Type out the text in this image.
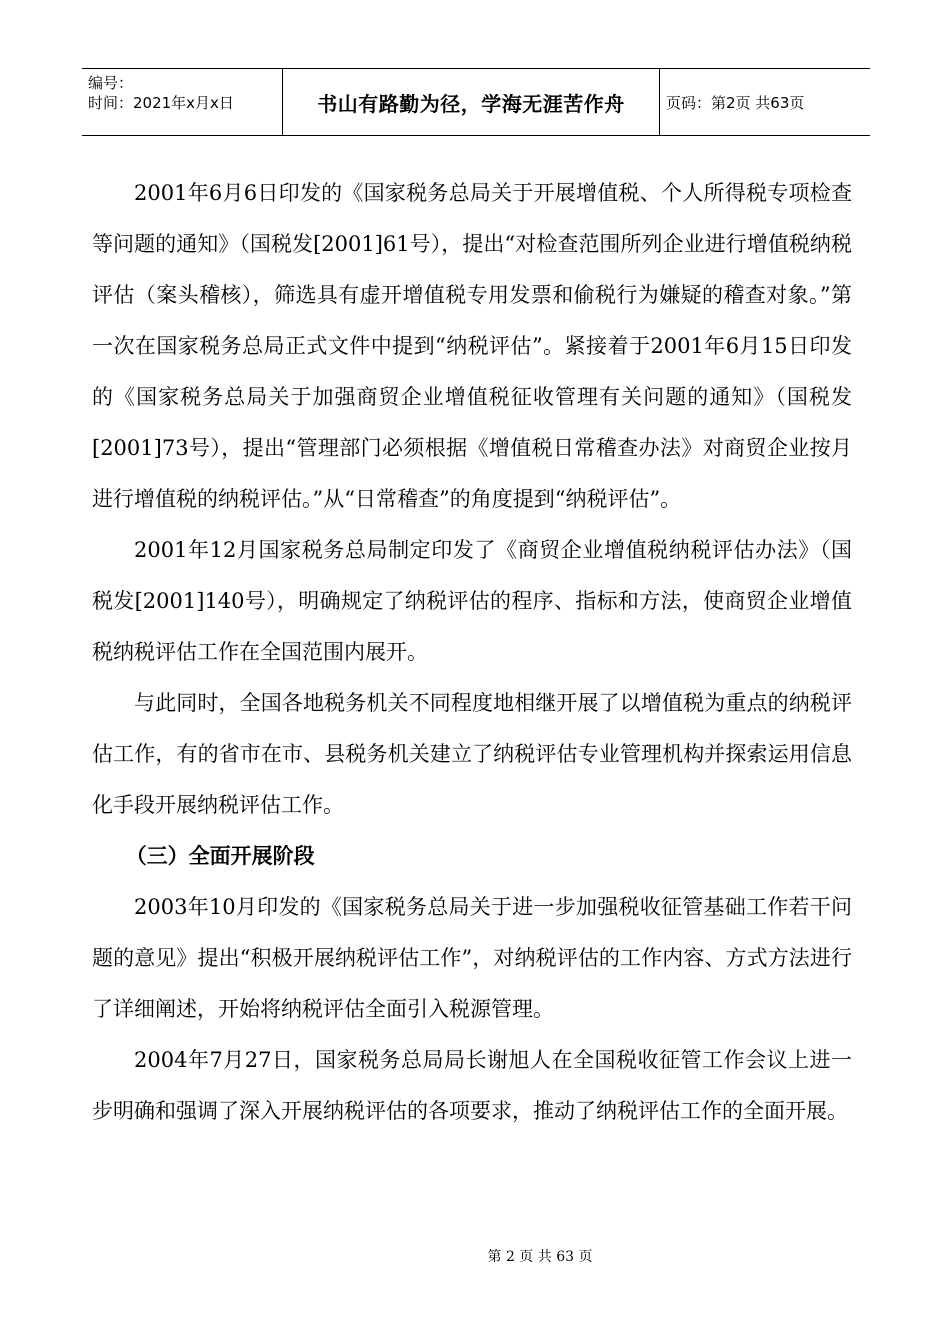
编号：
时间：2021年x月x日	书山有路勤为径，学海无涯苦作舟	页码：第2页 共63页

2001年6月6日印发的《国家税务总局关于开展增值税、个人所得税专项检查等问题的通知》（国税发[2001]61号），提出“对检查范围所列企业进行增值税纳税评估（案头稽核），筛选具有虚开增值税专用发票和偷税行为嫌疑的稽查对象。”第一次在国家税务总局正式文件中提到“纳税评估”。紧接着于2001年6月15日印发的《国家税务总局关于加强商贸企业增值税征收管理有关问题的通知》（国税发[2001]73号），提出“管理部门必须根据《增值税日常稽查办法》对商贸企业按月进行增值税的纳税评估。”从“日常稽查”的角度提到“纳税评估”。

2001年12月国家税务总局制定印发了《商贸企业增值税纳税评估办法》（国税发[2001]140号），明确规定了纳税评估的程序、指标和方法，使商贸企业增值税纳税评估工作在全国范围内展开。

与此同时，全国各地税务机关不同程度地相继开展了以增值税为重点的纳税评估工作，有的省市在市、县税务机关建立了纳税评估专业管理机构并探索运用信息化手段开展纳税评估工作。

（三）全面开展阶段

2003年10月印发的《国家税务总局关于进一步加强税收征管基础工作若干问题的意见》提出“积极开展纳税评估工作”，对纳税评估的工作内容、方式方法进行了详细阐述，开始将纳税评估全面引入税源管理。

2004年7月27日，国家税务总局局长谢旭人在全国税收征管工作会议上进一步明确和强调了深入开展纳税评估的各项要求，推动了纳税评估工作的全面开展。

第 2 页 共 63 页
